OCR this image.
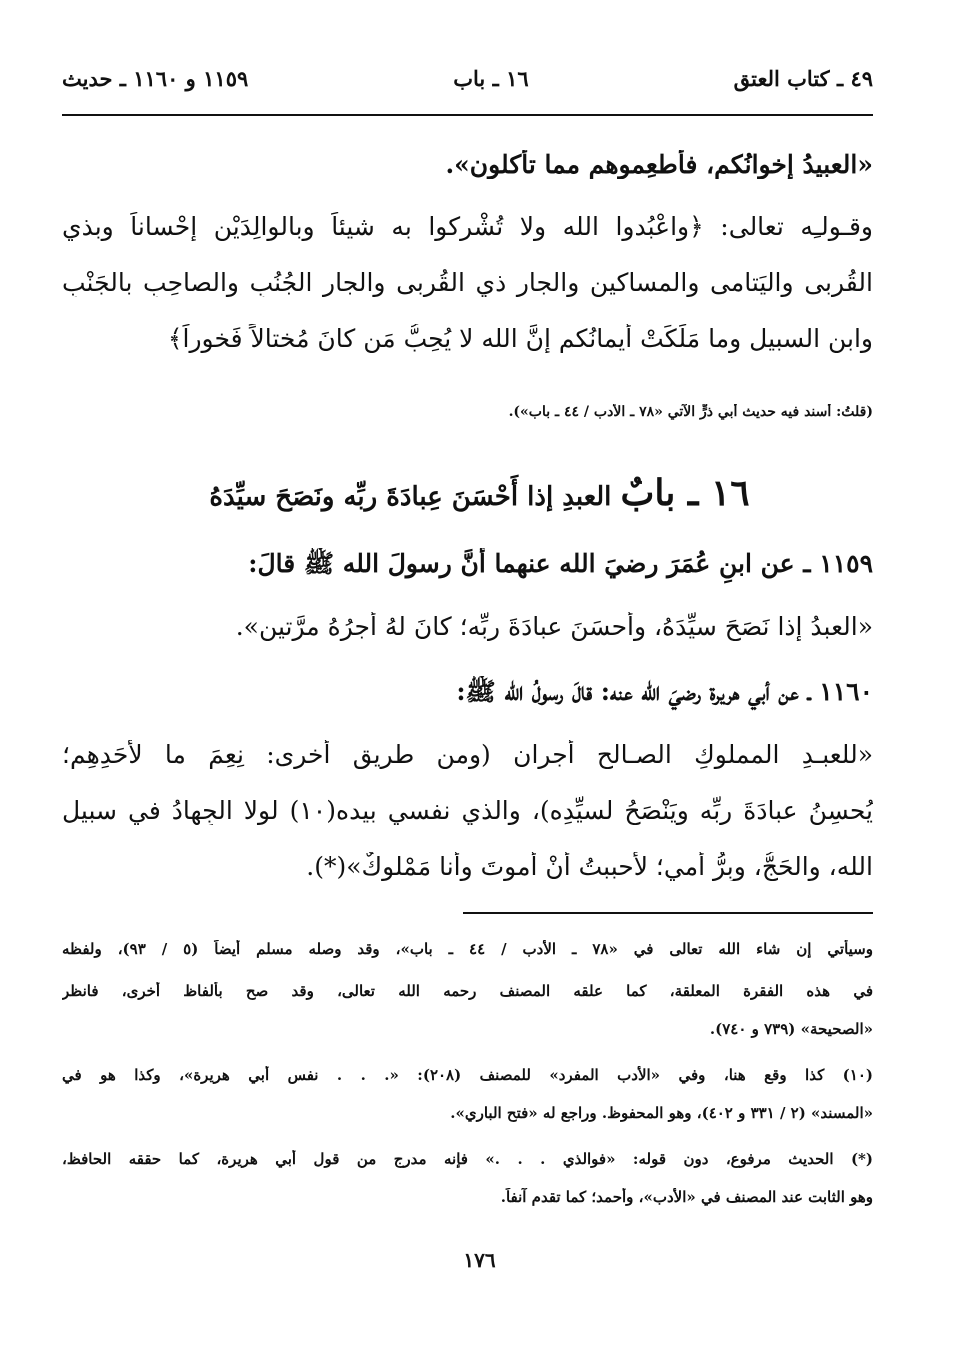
٤٩ ـ كتاب العتق
١٦ ـ باب
١١٥٩ و ١١٦٠ ـ حديث
«العبيدُ إخوانُكم، فأطعِموهم مما تأكلون».
وقـولـِه تعالى: ﴿واعْبُدوا الله ولا تُشْركوا به شيئاً وبالوالِدَيْنِ إِحْساناً وبذي
القُربى واليَتامى والمساكينِ والجارِ ذي القُربى والجارِ الجُنُبِ والصاحِبِ بالجَنْبِ
وابنِ السبيلِ وما مَلَكَتْ أيمانُكم إِنَّ الله لا يُحِبُّ مَن كانَ مُختالاً فَخوراً﴾
(قلتُ: أسند فيه حديث أبي ذرٍّ الآتي «٧٨ ـ الأدب / ٤٤ ـ باب»).
١٦ ـ بابٌ العبدِ إذا أَحْسَنَ عِبادَةَ ربِّه ونَصَحَ سيِّدَهُ
١١٥٩ ـ عن ابنِ عُمَرَ رضيَ الله عنهما أَنَّ رسولَ الله ﷺ قالَ:
«العبدُ إذا نَصَحَ سيِّدَهُ، وأَحسَنَ عبادَةَ ربِّه؛ كانَ لهُ أَجرُهُ مرَّتينِ».
١١٦٠ ـ عن أبي هريرة رضيَ الله عنه: قالَ رسولُ الله ﷺ:
«للعبـدِ المملوكِ الصـالحِ أجرانِ (ومن طريق أُخرى: نِعِمَ ما لأحَدِهِم؛
يُحسِنُ عبادَةَ ربِّه ويَنْصَحُ لسيِّدِه)، والذي نفسي بيده(١٠) لولا الجِهادُ في سبيلِ
الله، والحَجُّ، وبِرُّ أمي؛ لأحببتُ أنْ أموتَ وأنا مَمْلوكٌ»(*).
وسيأتي إن شاء الله تعالى في «٧٨ ـ الأدب / ٤٤ ـ باب»، وقد وصله مسلم أيضاً (٥ / ٩٣)، ولفظه
في هذه الفقرة المعلقة، كما علقه المصنف رحمه الله تعالى، وقد صح بألفاظ أخرى، فانظر
«الصحيحة» (٧٣٩ و ٧٤٠).
(١٠) كذا وقع هنا، وفي «الأدب المفرد» للمصنف (٢٠٨): «. . . نفس أبي هريرة»، وكذا هو في
«المسند» (٢ / ٣٣١ و ٤٠٢)، وهو المحفوظ. وراجع له «فتح الباري».
(*) الحديث مرفوع، دون قوله: «فوالذي . . .» فإنه مدرج من قول أبي هريرة، كما حققه الحافظ،
وهو الثابت عند المصنف في «الأدب»، وأحمد؛ كما تقدم آنفاً.
١٧٦
